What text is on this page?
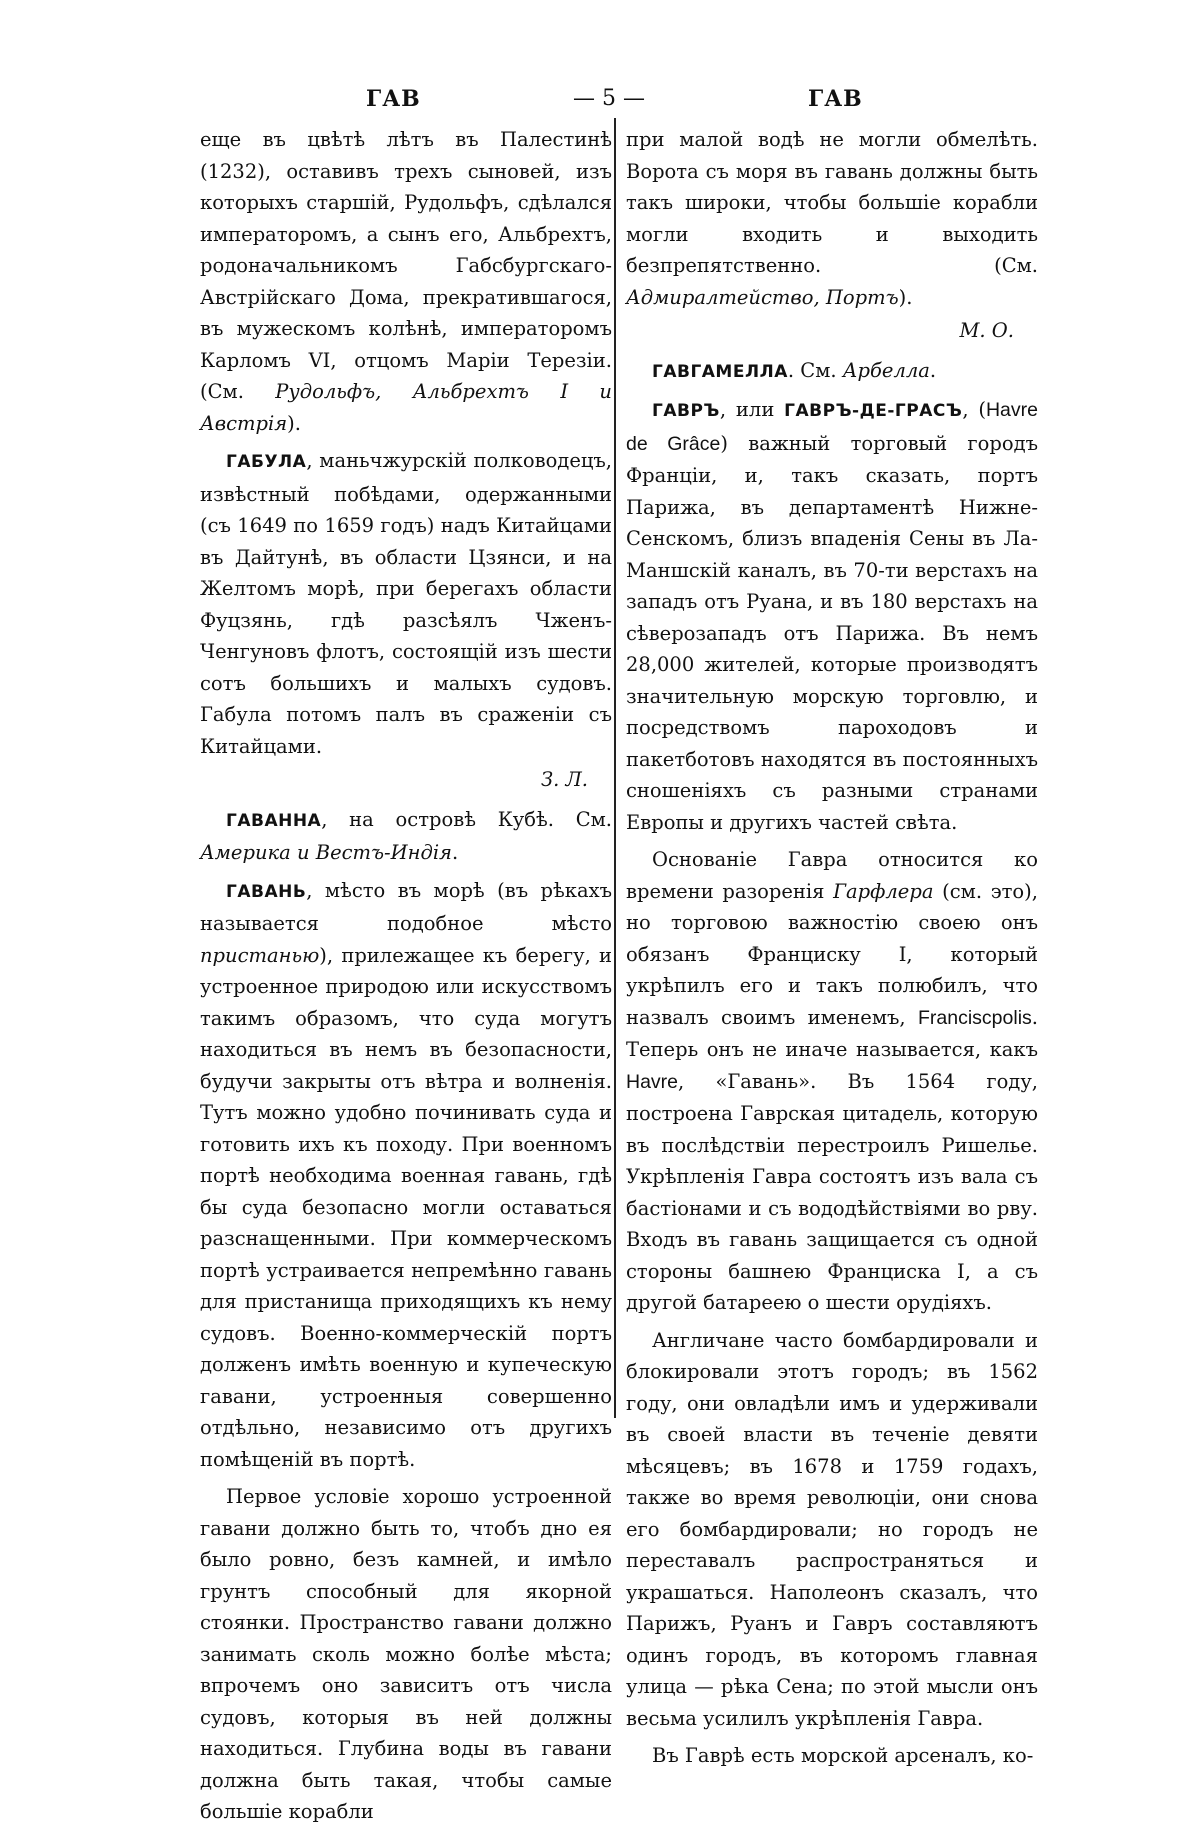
ГАВ	— 5 —	ГАВ

еще въ цвѣтѣ лѣтъ въ Палестинѣ (1232), оставивъ трехъ сыновей, изъ которыхъ старшій, Рудольфъ, сдѣлался императоромъ, а сынъ его, Альбрехтъ, родоначальникомъ Габсбургскаго-Австрійскаго Дома, прекратившагося, въ мужескомъ колѣнѣ, императоромъ Карломъ VI, отцомъ Маріи Терезіи. (См. Рудольфъ, Альбрехтъ I и Австрія).

ГАБУЛА, маньчжурскій полководецъ, извѣстный побѣдами, одержанными (съ 1649 по 1659 годъ) надъ Китайцами въ Дайтунѣ, въ области Цзянси, и на Желтомъ морѣ, при берегахъ области Фуцзянь, гдѣ разсѣялъ Чженъ-Ченгуновъ флотъ, состоящій изъ шести сотъ большихъ и малыхъ судовъ. Габула потомъ палъ въ сраженіи съ Китайцами.

З. Л.

ГАВАННА, на островѣ Кубѣ. См. Америка и Вестъ-Индія.

ГАВАНЬ, мѣсто въ морѣ (въ рѣкахъ называется подобное мѣсто пристанью), прилежащее къ берегу, и устроенное природою или искусствомъ такимъ образомъ, что суда могутъ находиться въ немъ въ безопасности, будучи закрыты отъ вѣтра и волненія. Тутъ можно удобно починивать суда и готовить ихъ къ походу. При военномъ портѣ необходима военная гавань, гдѣ бы суда безопасно могли оставаться разснащенными. При коммерческомъ портѣ устраивается непремѣнно гавань для пристанища приходящихъ къ нему судовъ. Военно-коммерческій портъ долженъ имѣть военную и купеческую гавани, устроенныя совершенно отдѣльно, независимо отъ другихъ помѣщеній въ портѣ.

Первое условіе хорошо устроенной гавани должно быть то, чтобъ дно ея было ровно, безъ камней, и имѣло грунтъ способный для якорной стоянки. Пространство гавани должно занимать сколь можно болѣе мѣста; впрочемъ оно зависитъ отъ числа судовъ, которыя въ ней должны находиться. Глубина воды въ гавани должна быть такая, чтобы самые большіе корабли

при малой водѣ не могли обмелѣть. Ворота съ моря въ гавань должны быть такъ широки, чтобы большіе корабли могли входить и выходить безпрепятственно. (См. Адмиралтейство, Портъ).

М. О.

ГАВГАМЕЛЛА. См. Арбелла.

ГАВРЪ, или ГАВРЪ-ДЕ-ГРАСЪ, (Havre de Grâce) важный торговый городъ Франціи, и, такъ сказать, портъ Парижа, въ департаментѣ Нижне-Сенскомъ, близъ впаденія Сены въ Ла-Маншскій каналъ, въ 70-ти верстахъ на западъ отъ Руана, и въ 180 верстахъ на сѣверозападъ отъ Парижа. Въ немъ 28,000 жителей, которые производятъ значительную морскую торговлю, и посредствомъ пароходовъ и пакетботовъ находятся въ постоянныхъ сношеніяхъ съ разными странами Европы и другихъ частей свѣта.

Основаніе Гавра относится ко времени разоренія Гарфлера (см. это), но торговою важностію своею онъ обязанъ Франциску I, который укрѣпилъ его и такъ полюбилъ, что назвалъ своимъ именемъ, Franciscpolis. Теперь онъ не иначе называется, какъ Havre, «Гавань». Въ 1564 году, построена Гаврская цитадель, которую въ послѣдствіи перестроилъ Ришелье. Укрѣпленія Гавра состоятъ изъ вала съ бастіонами и съ вододѣйствіями во рву. Входъ въ гавань защищается съ одной стороны башнею Франциска I, а съ другой батареею о шести орудіяхъ.

Англичане часто бомбардировали и блокировали этотъ городъ; въ 1562 году, они овладѣли имъ и удерживали въ своей власти въ теченіе девяти мѣсяцевъ; въ 1678 и 1759 годахъ, также во время революціи, они снова его бомбардировали; но городъ не переставалъ распространяться и украшаться. Наполеонъ сказалъ, что Парижъ, Руанъ и Гавръ составляютъ одинъ городъ, въ которомъ главная улица — рѣка Сена; по этой мысли онъ весьма усилилъ укрѣпленія Гавра.

Въ Гаврѣ есть морской арсеналъ, ко-
